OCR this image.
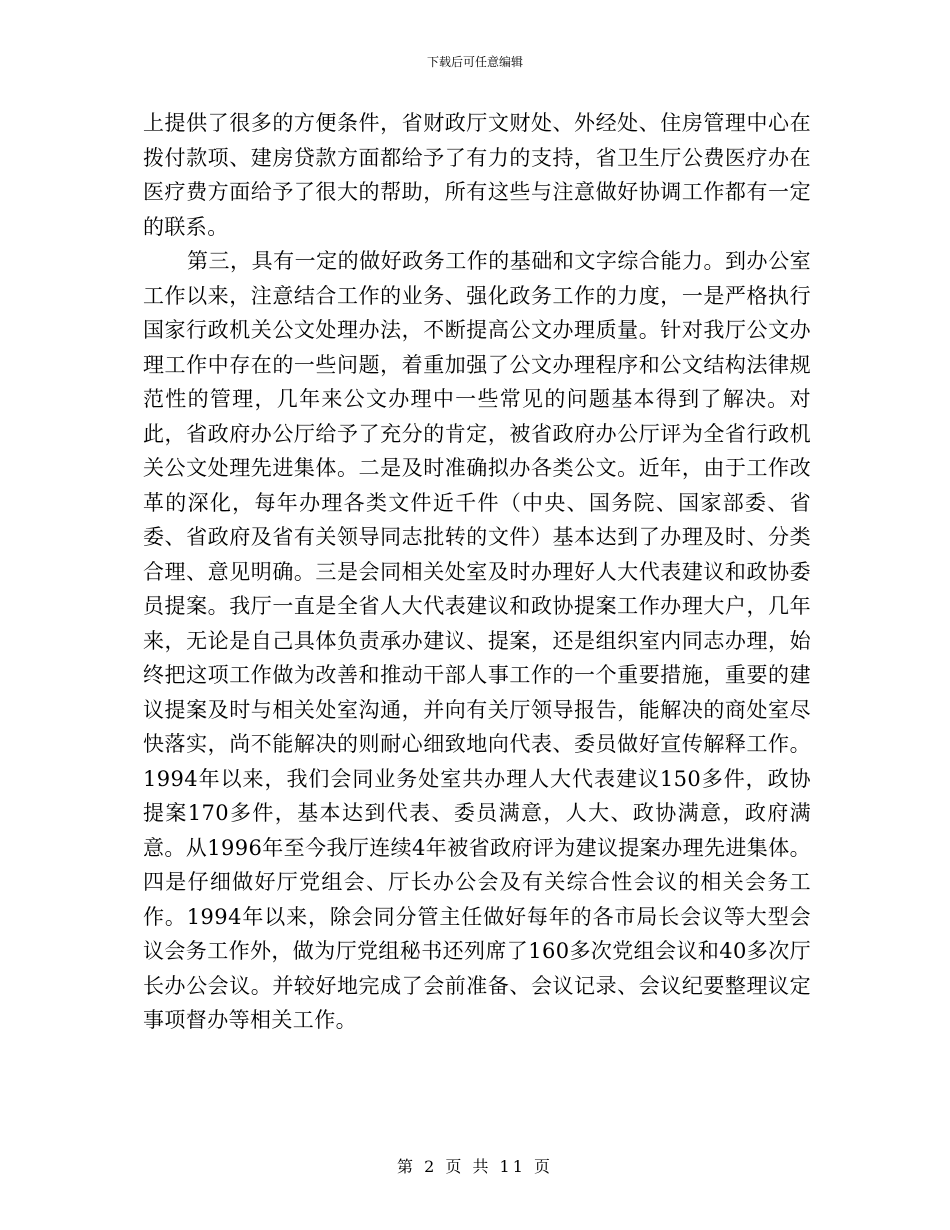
下载后可任意编辑

上提供了很多的方便条件，省财政厅文财处、外经处、住房管理中心在拨付款项、建房贷款方面都给予了有力的支持，省卫生厅公费医疗办在医疗费方面给予了很大的帮助，所有这些与注意做好协调工作都有一定的联系。

第三，具有一定的做好政务工作的基础和文字综合能力。到办公室工作以来，注意结合工作的业务、强化政务工作的力度，一是严格执行国家行政机关公文处理办法，不断提高公文办理质量。针对我厅公文办理工作中存在的一些问题，着重加强了公文办理程序和公文结构法律规范性的管理，几年来公文办理中一些常见的问题基本得到了解决。对此，省政府办公厅给予了充分的肯定，被省政府办公厅评为全省行政机关公文处理先进集体。二是及时准确拟办各类公文。近年，由于工作改革的深化，每年办理各类文件近千件（中央、国务院、国家部委、省委、省政府及省有关领导同志批转的文件）基本达到了办理及时、分类合理、意见明确。三是会同相关处室及时办理好人大代表建议和政协委员提案。我厅一直是全省人大代表建议和政协提案工作办理大户，几年来，无论是自己具体负责承办建议、提案，还是组织室内同志办理，始终把这项工作做为改善和推动干部人事工作的一个重要措施，重要的建议提案及时与相关处室沟通，并向有关厅领导报告，能解决的商处室尽快落实，尚不能解决的则耐心细致地向代表、委员做好宣传解释工作。1994年以来，我们会同业务处室共办理人大代表建议150多件，政协提案170多件，基本达到代表、委员满意，人大、政协满意，政府满意。从1996年至今我厅连续4年被省政府评为建议提案办理先进集体。四是仔细做好厅党组会、厅长办公会及有关综合性会议的相关会务工作。1994年以来，除会同分管主任做好每年的各市局长会议等大型会议会务工作外，做为厅党组秘书还列席了160多次党组会议和40多次厅长办公会议。并较好地完成了会前准备、会议记录、会议纪要整理议定事项督办等相关工作。

第 2 页 共 11 页
